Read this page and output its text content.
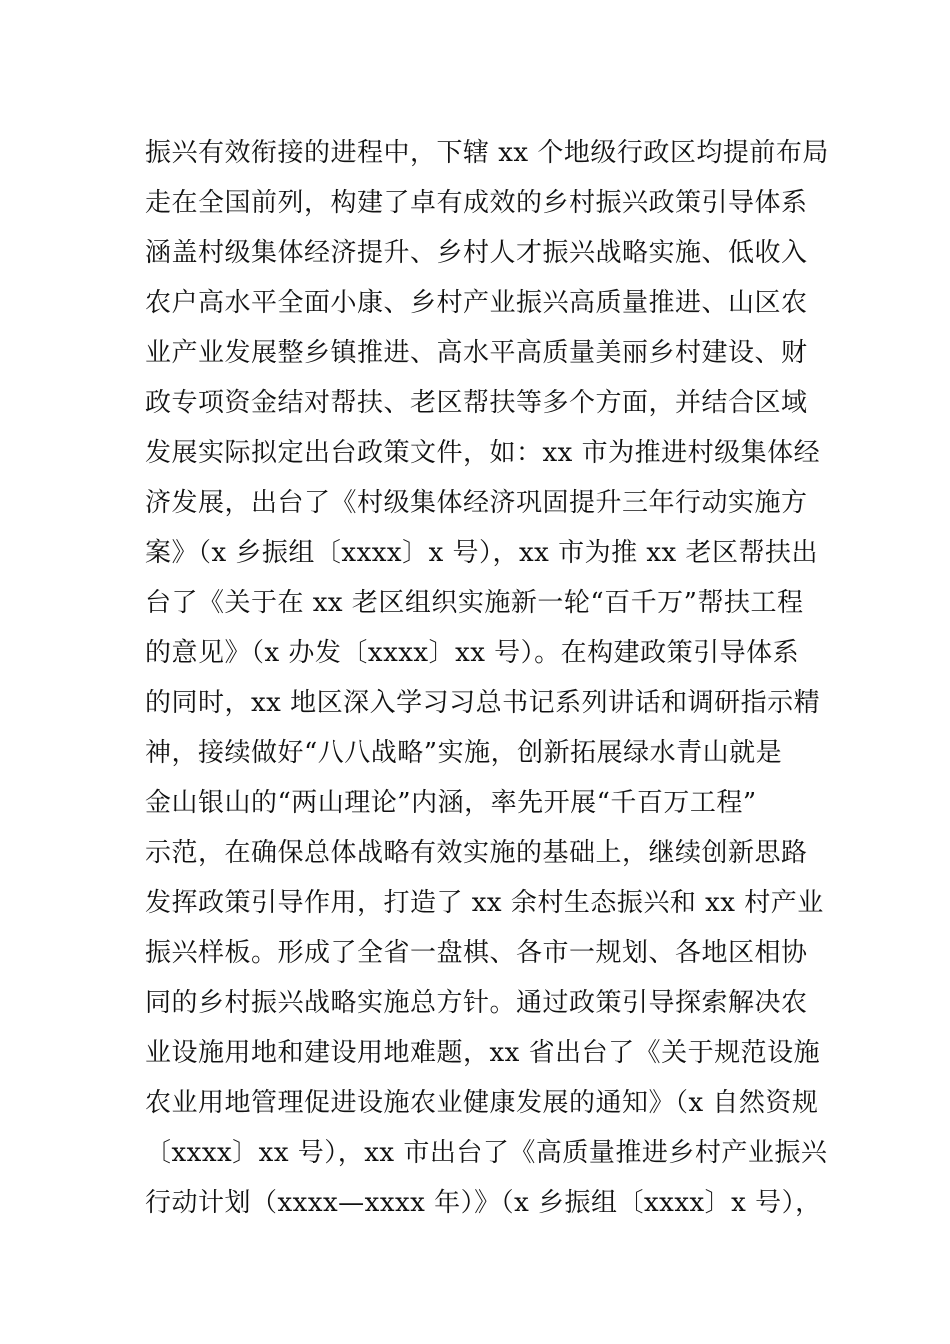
振兴有效衔接的进程中，下辖 xx 个地级行政区均提前布局
走在全国前列，构建了卓有成效的乡村振兴政策引导体系
涵盖村级集体经济提升、乡村人才振兴战略实施、低收入
农户高水平全面小康、乡村产业振兴高质量推进、山区农
业产业发展整乡镇推进、高水平高质量美丽乡村建设、财
政专项资金结对帮扶、老区帮扶等多个方面，并结合区域
发展实际拟定出台政策文件，如：xx 市为推进村级集体经
济发展，出台了《村级集体经济巩固提升三年行动实施方
案》（x 乡振组〔xxxx〕x 号），xx 市为推 xx 老区帮扶出
台了《关于在 xx 老区组织实施新一轮“百千万”帮扶工程
的意见》（x 办发〔xxxx〕xx 号）。在构建政策引导体系
的同时，xx 地区深入学习习总书记系列讲话和调研指示精
神，接续做好“八八战略”实施，创新拓展绿水青山就是
金山银山的“两山理论”内涵，率先开展“千百万工程”
示范，在确保总体战略有效实施的基础上，继续创新思路
发挥政策引导作用，打造了 xx 余村生态振兴和 xx 村产业
振兴样板。形成了全省一盘棋、各市一规划、各地区相协
同的乡村振兴战略实施总方针。通过政策引导探索解决农
业设施用地和建设用地难题，xx 省出台了《关于规范设施
农业用地管理促进设施农业健康发展的通知》（x 自然资规
〔xxxx〕xx 号），xx 市出台了《高质量推进乡村产业振兴
行动计划（xxxx—xxxx 年）》（x 乡振组〔xxxx〕x 号），
